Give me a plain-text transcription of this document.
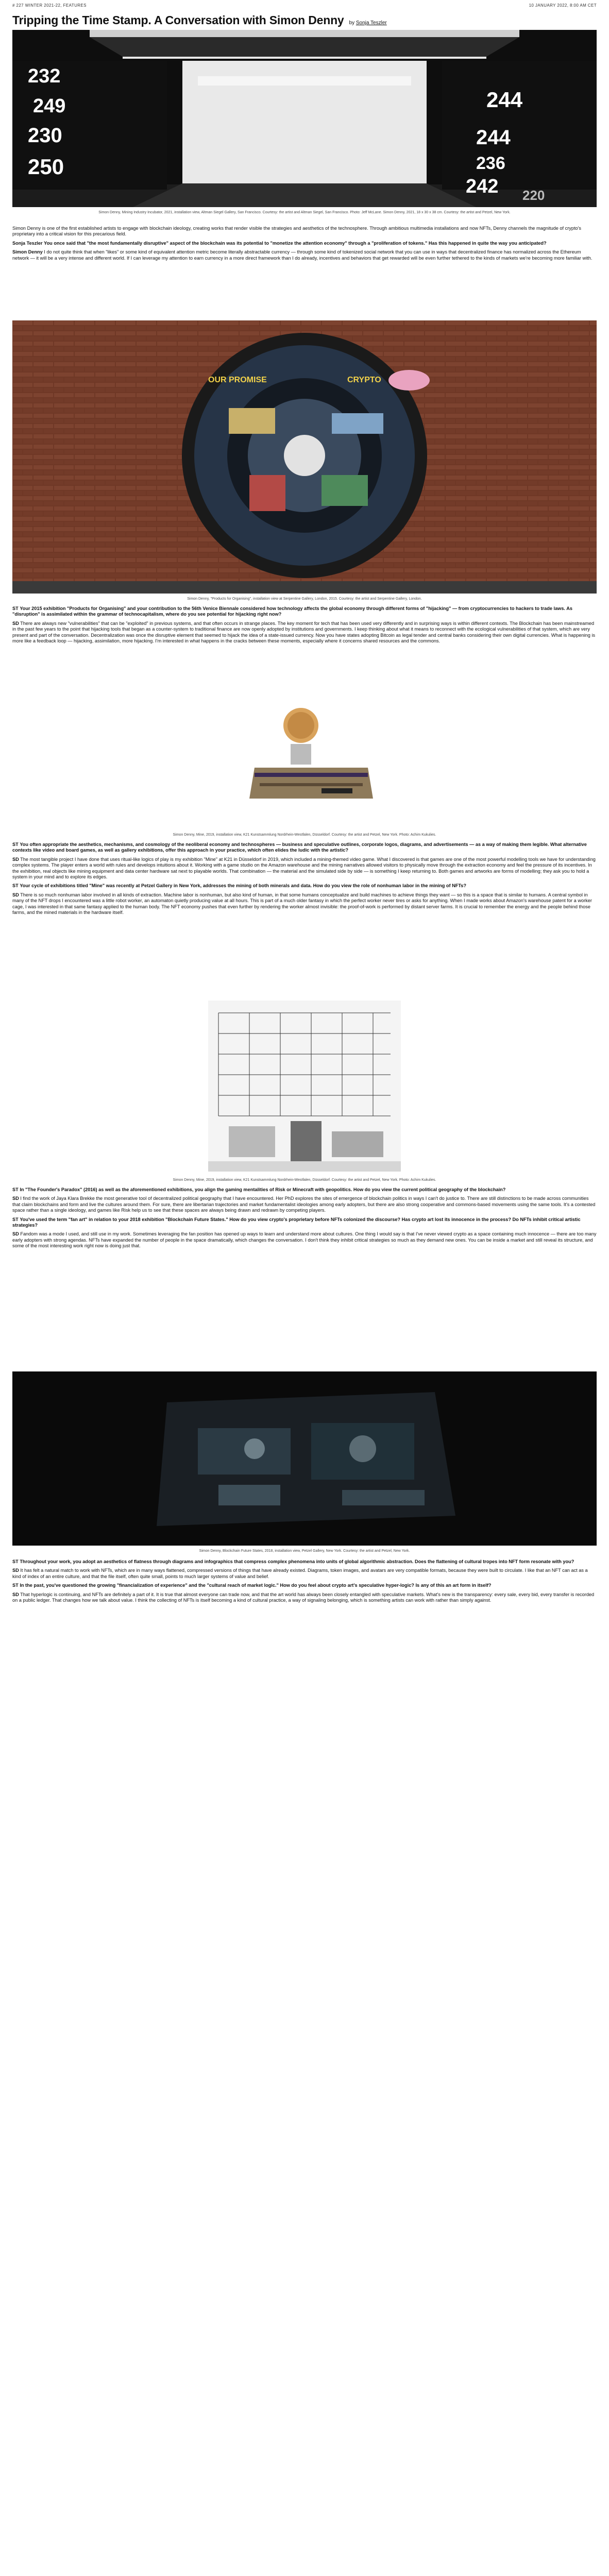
# 227 WINTER 2021-22, FEATURES	10 JANUARY 2022, 8:00 AM CET
Tripping the Time Stamp. A Conversation with Simon Denny by Sonja Teszler
232
244
249
230	244
250	236
242 220
Simon Denny, Mining Industry Incubator, 2021, installation view, Altman Siegel Gallery, San Francisco. Courtesy: the artist and Altman Siegel, San Francisco. Photo: Jeff McLane. Simon Denny, 2021, 18 x 30 x 38 cm. Courtesy: the artist and Petzel, New York.

Simon Denny is one of the first established artists to engage with blockchain ideology, creating works that render visible the strategies and aesthetics of the technosphere. Through ambitious multimedia installations and now NFTs, Denny channels the magnitude of crypto's proprietary into a critical vision for this precarious field.

Sonja Teszler You once said that "the most fundamentally disruptive" aspect of the blockchain was its potential to "monetize the attention economy" through a "proliferation of tokens." Has this happened in quite the way you anticipated?

Simon Denny I do not quite think that when "likes" or some kind of equivalent attention metric become literally abstractable currency — through some kind of tokenized social network that you can use in ways that decentralized finance has normalized across the Ethereum network — it will be a very intense and different world. If I can leverage my attention to earn currency in a more direct framework than I do already, incentives and behaviors that get rewarded will be even further tethered to the kinds of markets we're becoming more familiar with.

OUR PROMISE	CRYPTO
Simon Denny, "Products for Organising", installation view at Serpentine Gallery, London, 2015. Courtesy: the artist and Serpentine Gallery, London.

ST Your 2015 exhibition "Products for Organising" and your contribution to the 56th Venice Biennale considered how technology affects the global economy through different forms of "hijacking" — from cryptocurrencies to hackers to trade laws. As "disruption" is assimilated within the grammar of technocapitalism, where do you see potential for hijacking right now?

SD There are always new "vulnerabilities" that can be "exploited" in previous systems, and that often occurs in strange places. The key moment for tech that has been used very differently and in surprising ways is within different contexts. The Blockchain has been mainstreamed in the past few years to the point that hijacking tools that began as a counter-system to traditional finance are now openly adopted by institutions and governments. I keep thinking about what it means to reconnect with the ecological vulnerabilities of that system, which are very present and part of the conversation. Decentralization was once the disruptive element that seemed to hijack the idea of a state-issued currency. Now you have states adopting Bitcoin as legal tender and central banks considering their own digital currencies. What is happening is more like a feedback loop — hijacking, assimilation, more hijacking. I'm interested in what happens in the cracks between these moments, especially where it concerns shared resources and the commons.

Simon Denny, Mine, 2019, installation view, K21 Kunstsammlung Nordrhein-Westfalen, Düsseldorf. Courtesy: the artist and Petzel, New York. Photo: Achim Kukulies.

ST You often appropriate the aesthetics, mechanisms, and cosmology of the neoliberal economy and technospheres — business and speculative outlines, corporate logos, diagrams, and advertisements — as a way of making them legible. What alternative contexts like video and board games, as well as gallery exhibitions, offer this approach in your practice, which often elides the ludic with the artistic?

SD The most tangible project I have done that uses ritual-like logics of play is my exhibition "Mine" at K21 in Düsseldorf in 2019, which included a mining-themed video game. What I discovered is that games are one of the most powerful modelling tools we have for understanding complex systems. The player enters a world with rules and develops intuitions about it. Working with a game studio on the Amazon warehouse and the mining narratives allowed visitors to physically move through the extraction economy and feel the pressure of its incentives. In the exhibition, real objects like mining equipment and data center hardware sat next to playable worlds. That combination — the material and the simulated side by side — is something I keep returning to. Both games and artworks are forms of modelling; they ask you to hold a system in your mind and to explore its edges.

ST Your cycle of exhibitions titled "Mine" was recently at Petzel Gallery in New York, addresses the mining of both minerals and data. How do you view the role of nonhuman labor in the mining of NFTs?

SD There is so much nonhuman labor involved in all kinds of extraction. Machine labor is nonhuman, but also kind of human, in that some humans conceptualize and build machines to achieve things they want — so this is a space that is similar to humans. A central symbol in many of the NFT drops I encountered was a little robot worker, an automaton quietly producing value at all hours. This is part of a much older fantasy in which the perfect worker never tires or asks for anything. When I made works about Amazon's warehouse patent for a worker cage, I was interested in that same fantasy applied to the human body. The NFT economy pushes that even further by rendering the worker almost invisible: the proof-of-work is performed by distant server farms. It is crucial to remember the energy and the people behind those farms, and the mined materials in the hardware itself.

Simon Denny, Mine, 2019, installation view, K21 Kunstsammlung Nordrhein-Westfalen, Düsseldorf. Courtesy: the artist and Petzel, New York. Photo: Achim Kukulies.

ST In "The Founder's Paradox" (2016) as well as the aforementioned exhibitions, you align the gaming mentalities of Risk or Minecraft with geopolitics. How do you view the current political geography of the blockchain?

SD I find the work of Jaya Klara Brekke the most generative tool of decentralized political geography that I have encountered. Her PhD explores the sites of emergence of blockchain politics in ways I can't do justice to. There are still distinctions to be made across communities that claim blockchains and form and live the cultures around them. For sure, there are libertarian trajectories and market fundamentalist ideologies among early adopters, but there are also strong cooperative and commons-based movements using the same tools. It's a contested space rather than a single ideology, and games like Risk help us to see that these spaces are always being drawn and redrawn by competing players.

ST You've used the term "fan art" in relation to your 2018 exhibition "Blockchain Future States." How do you view crypto's proprietary before NFTs colonized the discourse? Has crypto art lost its innocence in the process? Do NFTs inhibit critical artistic strategies?

SD Fandom was a mode I used, and still use in my work. Sometimes leveraging the fan position has opened up ways to learn and understand more about cultures. One thing I would say is that I've never viewed crypto as a space containing much innocence — there are too many early adopters with strong agendas. NFTs have expanded the number of people in the space dramatically, which changes the conversation. I don't think they inhibit critical strategies so much as they demand new ones. You can be inside a market and still reveal its structure, and some of the most interesting work right now is doing just that.

Simon Denny, Blockchain Future States, 2018, installation view, Petzel Gallery, New York. Courtesy: the artist and Petzel, New York.

ST Throughout your work, you adopt an aesthetics of flatness through diagrams and infographics that compress complex phenomena into units of global algorithmic abstraction. Does the flattening of cultural tropes into NFT form resonate with you?

SD It has felt a natural match to work with NFTs, which are in many ways flattened, compressed versions of things that have already existed. Diagrams, token images, and avatars are very compatible formats, because they were built to circulate. I like that an NFT can act as a kind of index of an entire culture, and that the file itself, often quite small, points to much larger systems of value and belief.

ST In the past, you've questioned the growing "financialization of experience" and the "cultural reach of market logic." How do you feel about crypto art's speculative hyper-logic? Is any of this an art form in itself?

SD That hyperlogic is continuing, and NFTs are definitely a part of it. It is true that almost everyone can trade now, and that the art world has always been closely entangled with speculative markets. What's new is the transparency: every sale, every bid, every transfer is recorded on a public ledger. That changes how we talk about value. I think the collecting of NFTs is itself becoming a kind of cultural practice, a way of signaling belonging, which is something artists can work with rather than simply against.
